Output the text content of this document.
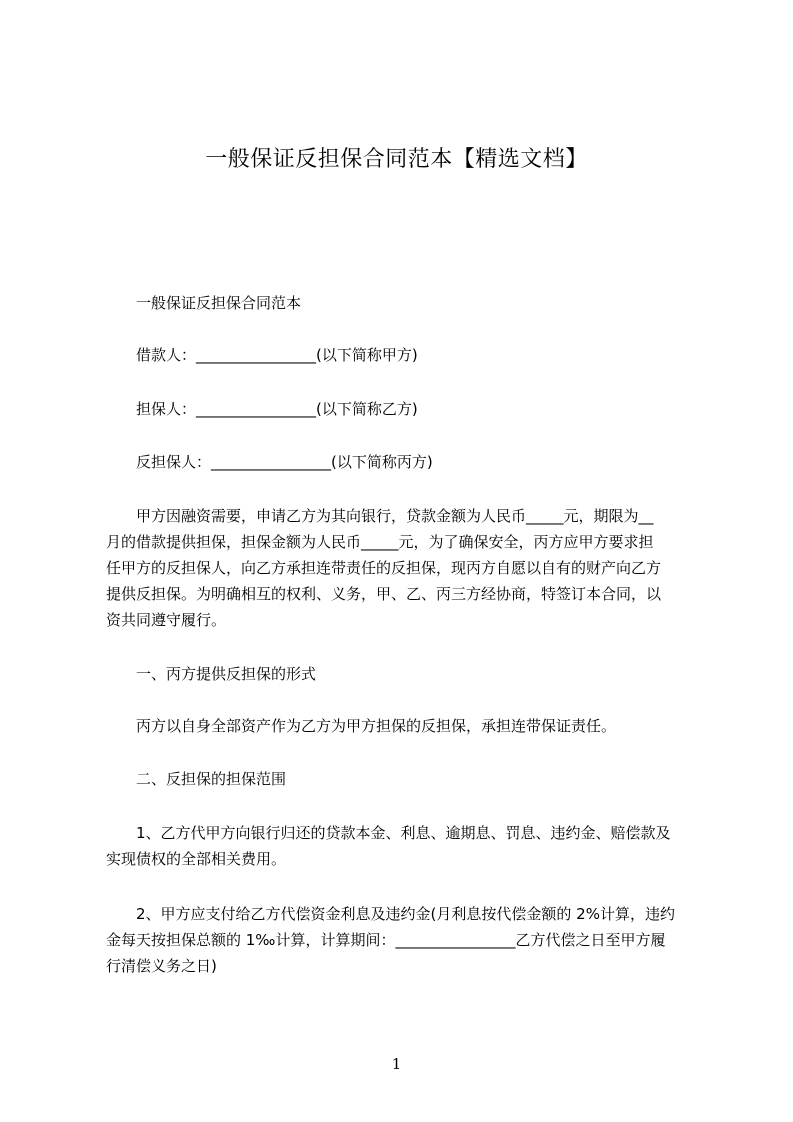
一般保证反担保合同范本【精选文档】
一般保证反担保合同范本
借款人：________________(以下简称甲方)
担保人：________________(以下简称乙方)
反担保人：________________(以下简称丙方)
甲方因融资需要，申请乙方为其向银行，贷款金额为人民币_____元，期限为__
月的借款提供担保，担保金额为人民币_____元，为了确保安全，丙方应甲方要求担
任甲方的反担保人，向乙方承担连带责任的反担保，现丙方自愿以自有的财产向乙方
提供反担保。为明确相互的权利、义务，甲、乙、丙三方经协商，特签订本合同，以
资共同遵守履行。
一、丙方提供反担保的形式
丙方以自身全部资产作为乙方为甲方担保的反担保，承担连带保证责任。
二、反担保的担保范围
1、乙方代甲方向银行归还的贷款本金、利息、逾期息、罚息、违约金、赔偿款及
实现债权的全部相关费用。
2、甲方应支付给乙方代偿资金利息及违约金(月利息按代偿金额的 2%计算，违约
金每天按担保总额的 1‰计算，计算期间：________________乙方代偿之日至甲方履
行清偿义务之日)
1
